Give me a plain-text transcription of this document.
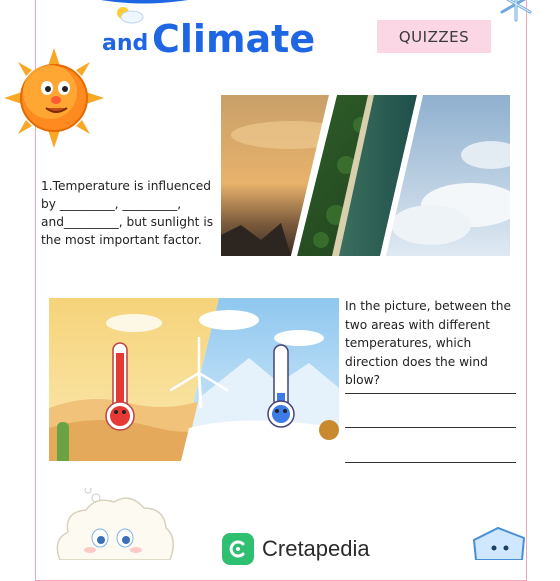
and Climate	QUIZZES
1.Temperature is influenced by _________, _________, and_________, but sunlight is the most important factor.
In the picture, between the two areas with different temperatures, which direction does the wind blow?
Cretapedia
